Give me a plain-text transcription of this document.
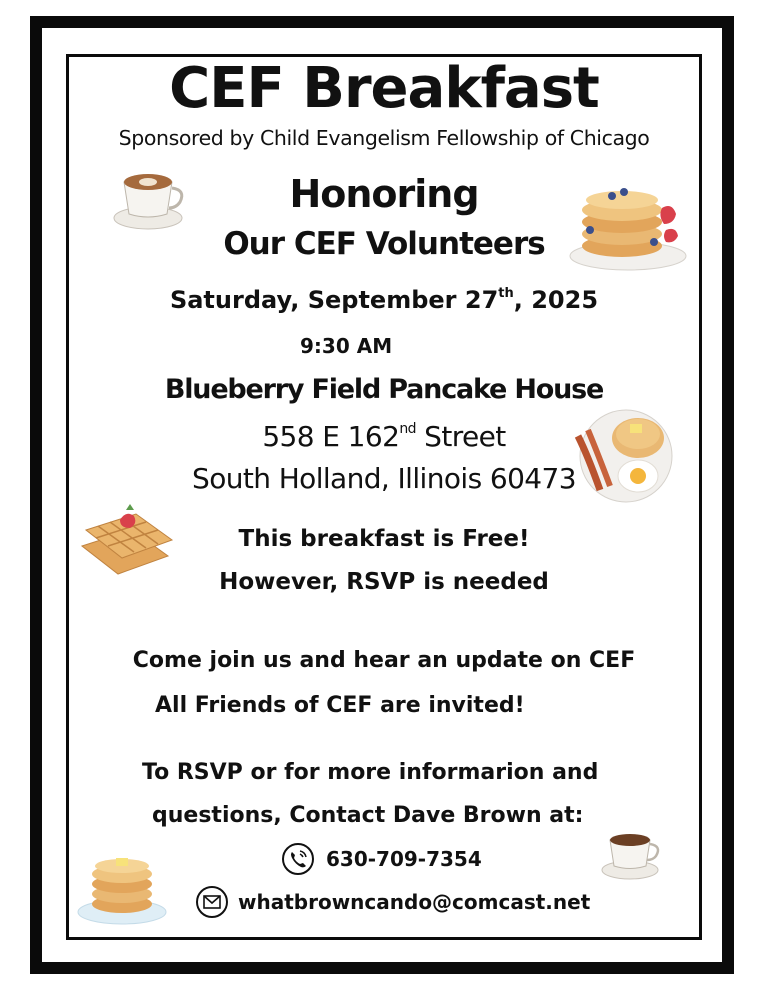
CEF Breakfast

Sponsored by Child Evangelism Fellowship of Chicago

Honoring

Our CEF Volunteers

Saturday, September 27th, 2025

9:30 AM

Blueberry Field Pancake House

558 E 162nd Street

South Holland, Illinois 60473

This breakfast is Free!

However, RSVP is needed

Come join us and hear an update on CEF

All Friends of CEF are invited!

To RSVP or for more informarion and

questions, Contact Dave Brown at:

630-709-7354

whatbrowncando@comcast.net
